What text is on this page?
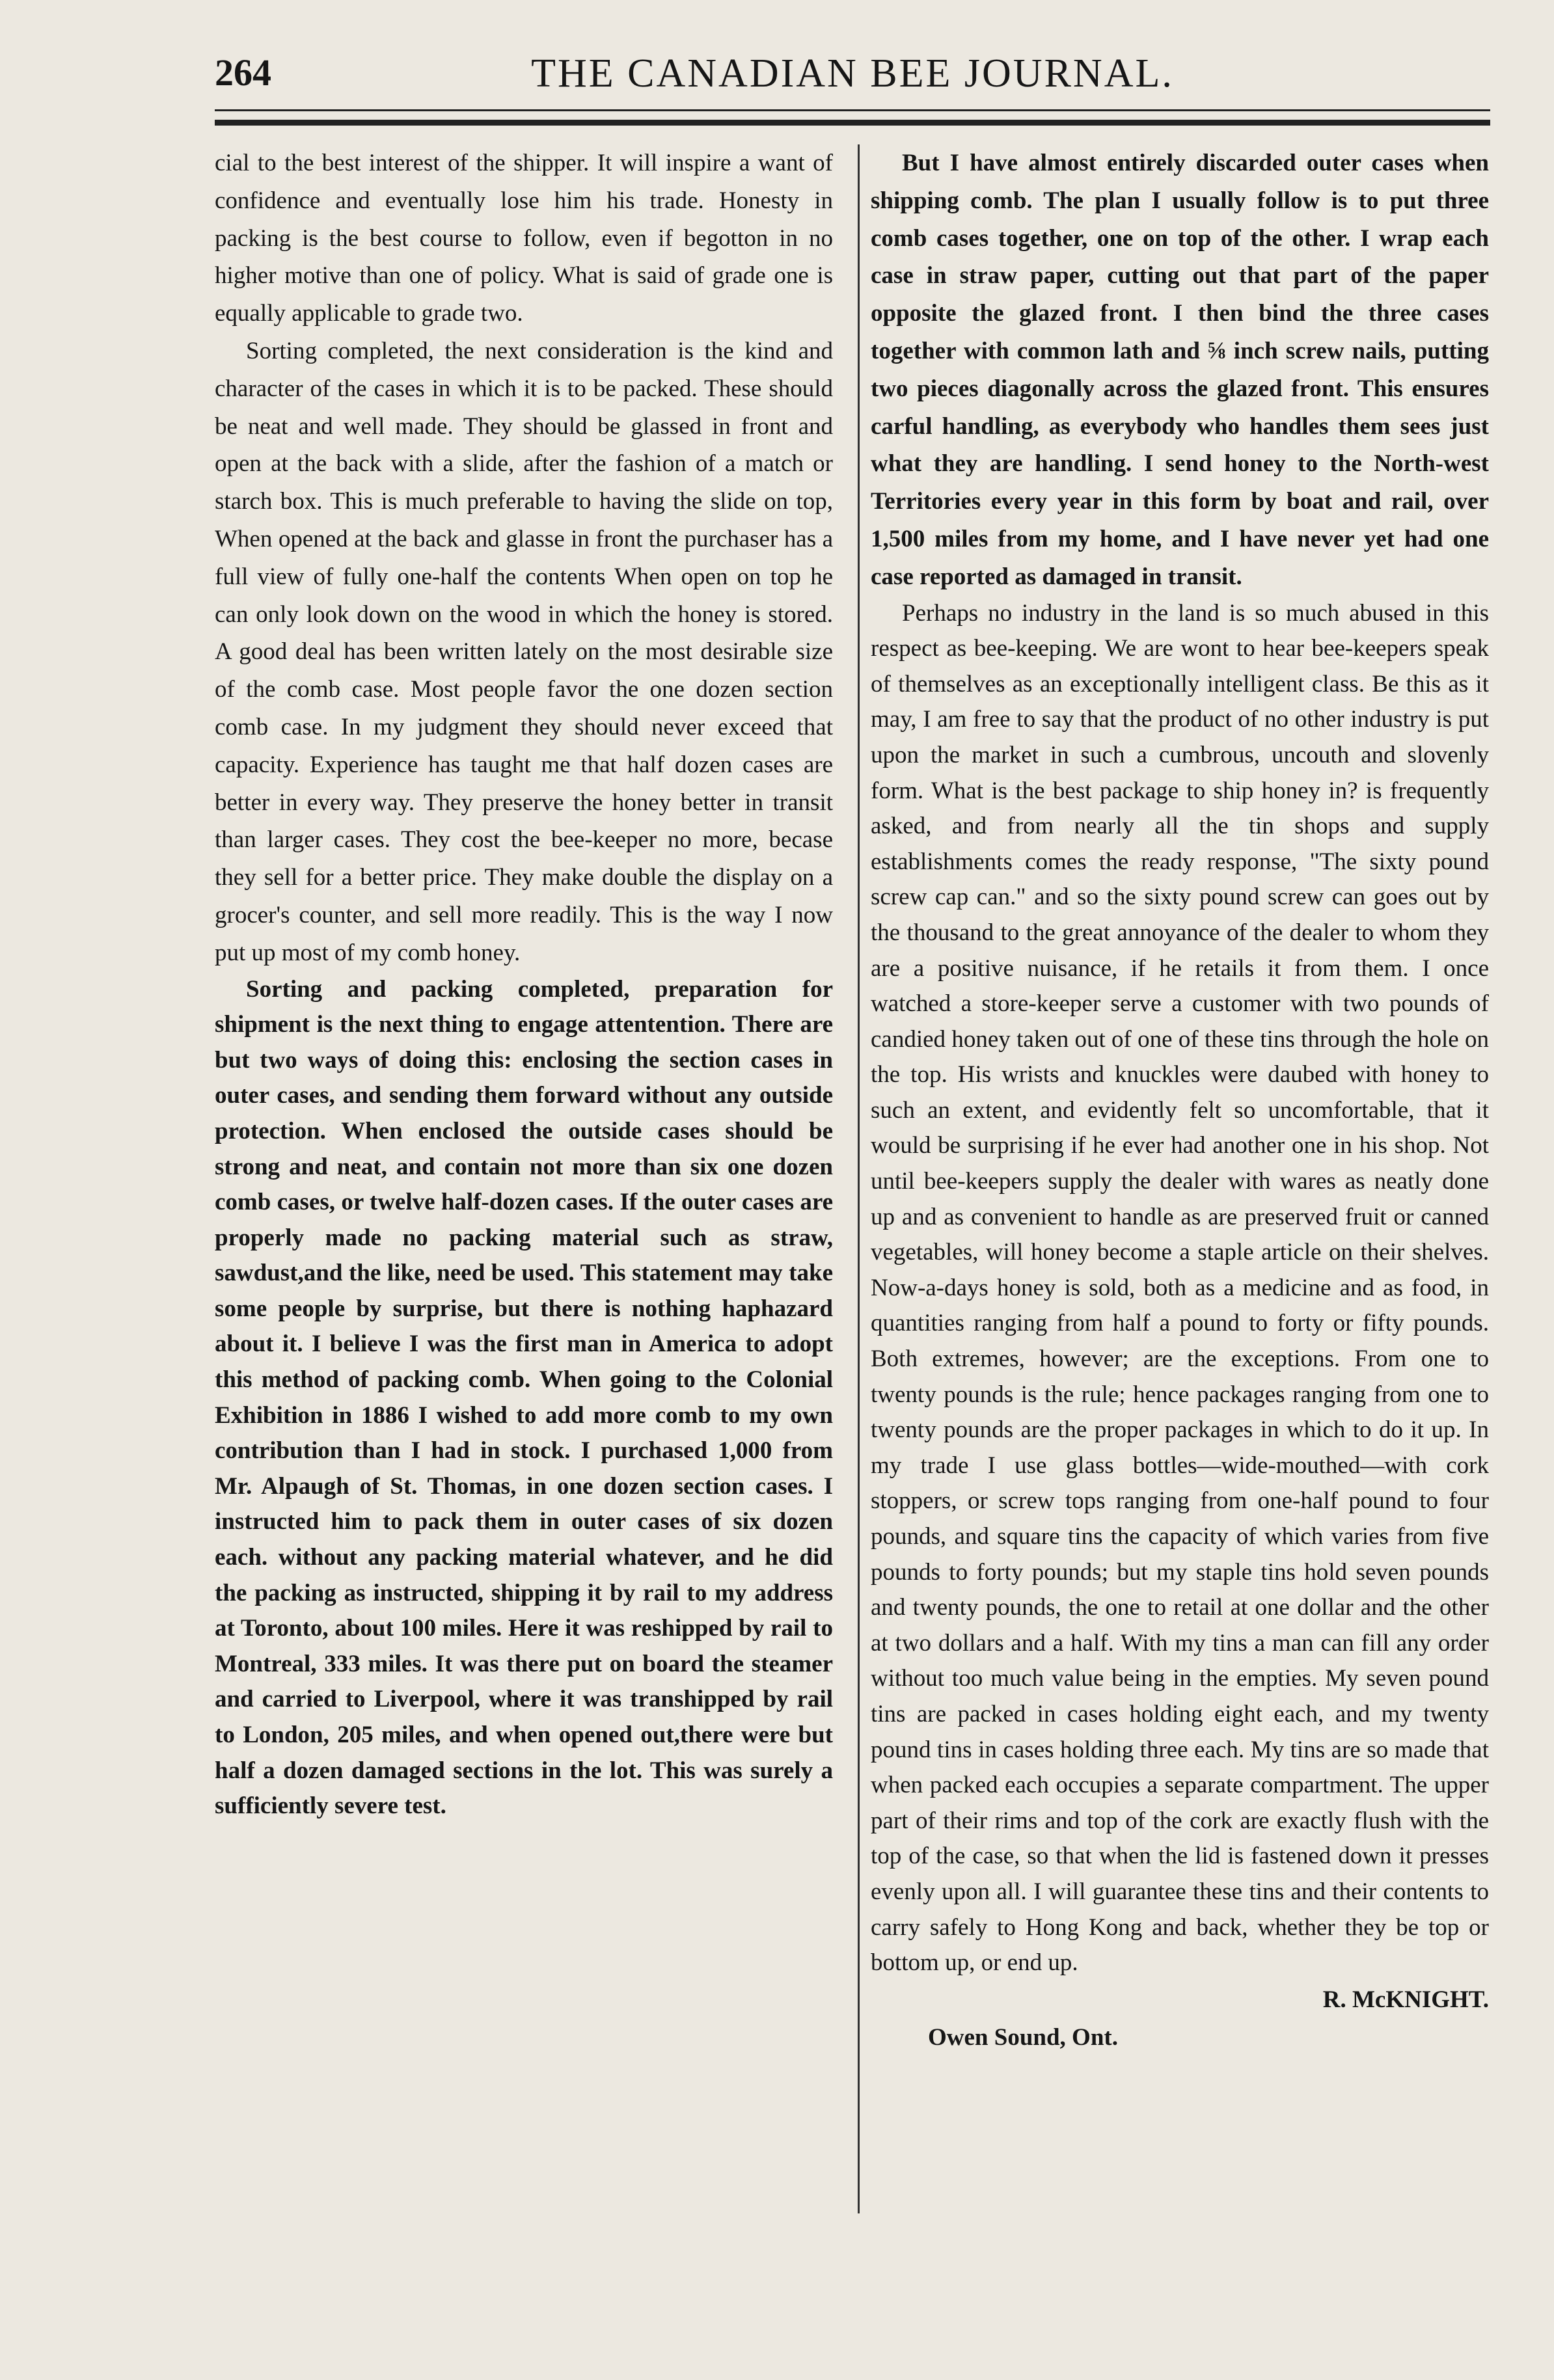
264	THE CANADIAN BEE JOURNAL.

cial to the best interest of the shipper. It will inspire a want of confidence and eventually lose him his trade. Honesty in packing is the best course to follow, even if begotton in no higher motive than one of policy. What is said of grade one is equally applicable to grade two.

Sorting completed, the next consideration is the kind and character of the cases in which it is to be packed. These should be neat and well made. They should be glassed in front and open at the back with a slide, after the fashion of a match or starch box. This is much preferable to having the slide on top, When opened at the back and glasse in front the purchaser has a full view of fully one-half the contents When open on top he can only look down on the wood in which the honey is stored. A good deal has been written lately on the most desirable size of the comb case. Most people favor the one dozen section comb case. In my judgment they should never exceed that capacity. Experience has taught me that half dozen cases are better in every way. They preserve the honey better in transit than larger cases. They cost the bee-keeper no more, becase they sell for a better price. They make double the display on a grocer's counter, and sell more readily. This is the way I now put up most of my comb honey.

Sorting and packing completed, preparation for shipment is the next thing to engage attentention. There are but two ways of doing this: enclosing the section cases in outer cases, and sending them forward without any outside protection. When enclosed the outside cases should be strong and neat, and contain not more than six one dozen comb cases, or twelve half-dozen cases. If the outer cases are properly made no packing material such as straw, sawdust,and the like, need be used. This statement may take some people by surprise, but there is nothing haphazard about it. I believe I was the first man in America to adopt this method of packing comb. When going to the Colonial Exhibition in 1886 I wished to add more comb to my own contribution than I had in stock. I purchased 1,000 from Mr. Alpaugh of St. Thomas, in one dozen section cases. I instructed him to pack them in outer cases of six dozen each. without any packing material whatever, and he did the packing as instructed, shipping it by rail to my address at Toronto, about 100 miles. Here it was reshipped by rail to Montreal, 333 miles. It was there put on board the steamer and carried to Liverpool, where it was transhipped by rail to London, 205 miles, and when opened out,there were but half a dozen damaged sections in the lot. This was surely a sufficiently severe test.

But I have almost entirely discarded outer cases when shipping comb. The plan I usually follow is to put three comb cases together, one on top of the other. I wrap each case in straw paper, cutting out that part of the paper opposite the glazed front. I then bind the three cases together with common lath and ⅝ inch screw nails, putting two pieces diagonally across the glazed front. This ensures carful handling, as everybody who handles them sees just what they are handling. I send honey to the North-west Territories every year in this form by boat and rail, over 1,500 miles from my home, and I have never yet had one case reported as damaged in transit.

Perhaps no industry in the land is so much abused in this respect as bee-keeping. We are wont to hear bee-keepers speak of themselves as an exceptionally intelligent class. Be this as it may, I am free to say that the product of no other industry is put upon the market in such a cumbrous, uncouth and slovenly form. What is the best package to ship honey in? is frequently asked, and from nearly all the tin shops and supply establishments comes the ready response, "The sixty pound screw cap can." and so the sixty pound screw can goes out by the thousand to the great annoyance of the dealer to whom they are a positive nuisance, if he retails it from them. I once watched a store-keeper serve a customer with two pounds of candied honey taken out of one of these tins through the hole on the top. His wrists and knuckles were daubed with honey to such an extent, and evidently felt so uncomfortable, that it would be surprising if he ever had another one in his shop. Not until bee-keepers supply the dealer with wares as neatly done up and as convenient to handle as are preserved fruit or canned vegetables, will honey become a staple article on their shelves. Now-a-days honey is sold, both as a medicine and as food, in quantities ranging from half a pound to forty or fifty pounds. Both extremes, however; are the exceptions. From one to twenty pounds is the rule; hence packages ranging from one to twenty pounds are the proper packages in which to do it up. In my trade I use glass bottles—wide-mouthed—with cork stoppers, or screw tops ranging from one-half pound to four pounds, and square tins the capacity of which varies from five pounds to forty pounds; but my staple tins hold seven pounds and twenty pounds, the one to retail at one dollar and the other at two dollars and a half. With my tins a man can fill any order without too much value being in the empties. My seven pound tins are packed in cases holding eight each, and my twenty pound tins in cases holding three each. My tins are so made that when packed each occupies a separate compartment. The upper part of their rims and top of the cork are exactly flush with the top of the case, so that when the lid is fastened down it presses evenly upon all. I will guarantee these tins and their contents to carry safely to Hong Kong and back, whether they be top or bottom up, or end up.

R. McKNIGHT.

Owen Sound, Ont.
